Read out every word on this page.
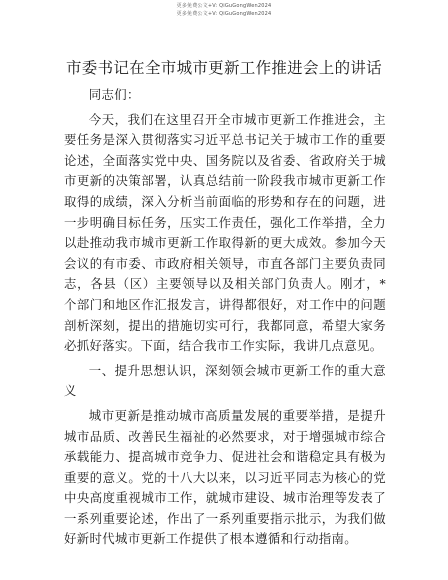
更多免费公文+V: QiGuGongWen2024
更多免费公文+V: QiGuGongWen2024
市委书记在全市城市更新工作推进会上的讲话

同志们：

今天，我们在这里召开全市城市更新工作推进会，主要任务是深入贯彻落实习近平总书记关于城市工作的重要论述，全面落实党中央、国务院以及省委、省政府关于城市更新的决策部署，认真总结前一阶段我市城市更新工作取得的成绩，深入分析当前面临的形势和存在的问题，进一步明确目标任务，压实工作责任，强化工作举措，全力以赴推动我市城市更新工作取得新的更大成效。参加今天会议的有市委、市政府相关领导，市直各部门主要负责同志，各县（区）主要领导以及相关部门负责人。刚才，*个部门和地区作汇报发言，讲得都很好，对工作中的问题剖析深刻，提出的措施切实可行，我都同意，希望大家务必抓好落实。下面，结合我市工作实际，我讲几点意见。

一、提升思想认识，深刻领会城市更新工作的重大意义

城市更新是推动城市高质量发展的重要举措，是提升城市品质、改善民生福祉的必然要求，对于增强城市综合承载能力、提高城市竞争力、促进社会和谐稳定具有极为重要的意义。党的十八大以来，以习近平同志为核心的党中央高度重视城市工作，就城市建设、城市治理等发表了一系列重要论述，作出了一系列重要指示批示，为我们做好新时代城市更新工作提供了根本遵循和行动指南。
